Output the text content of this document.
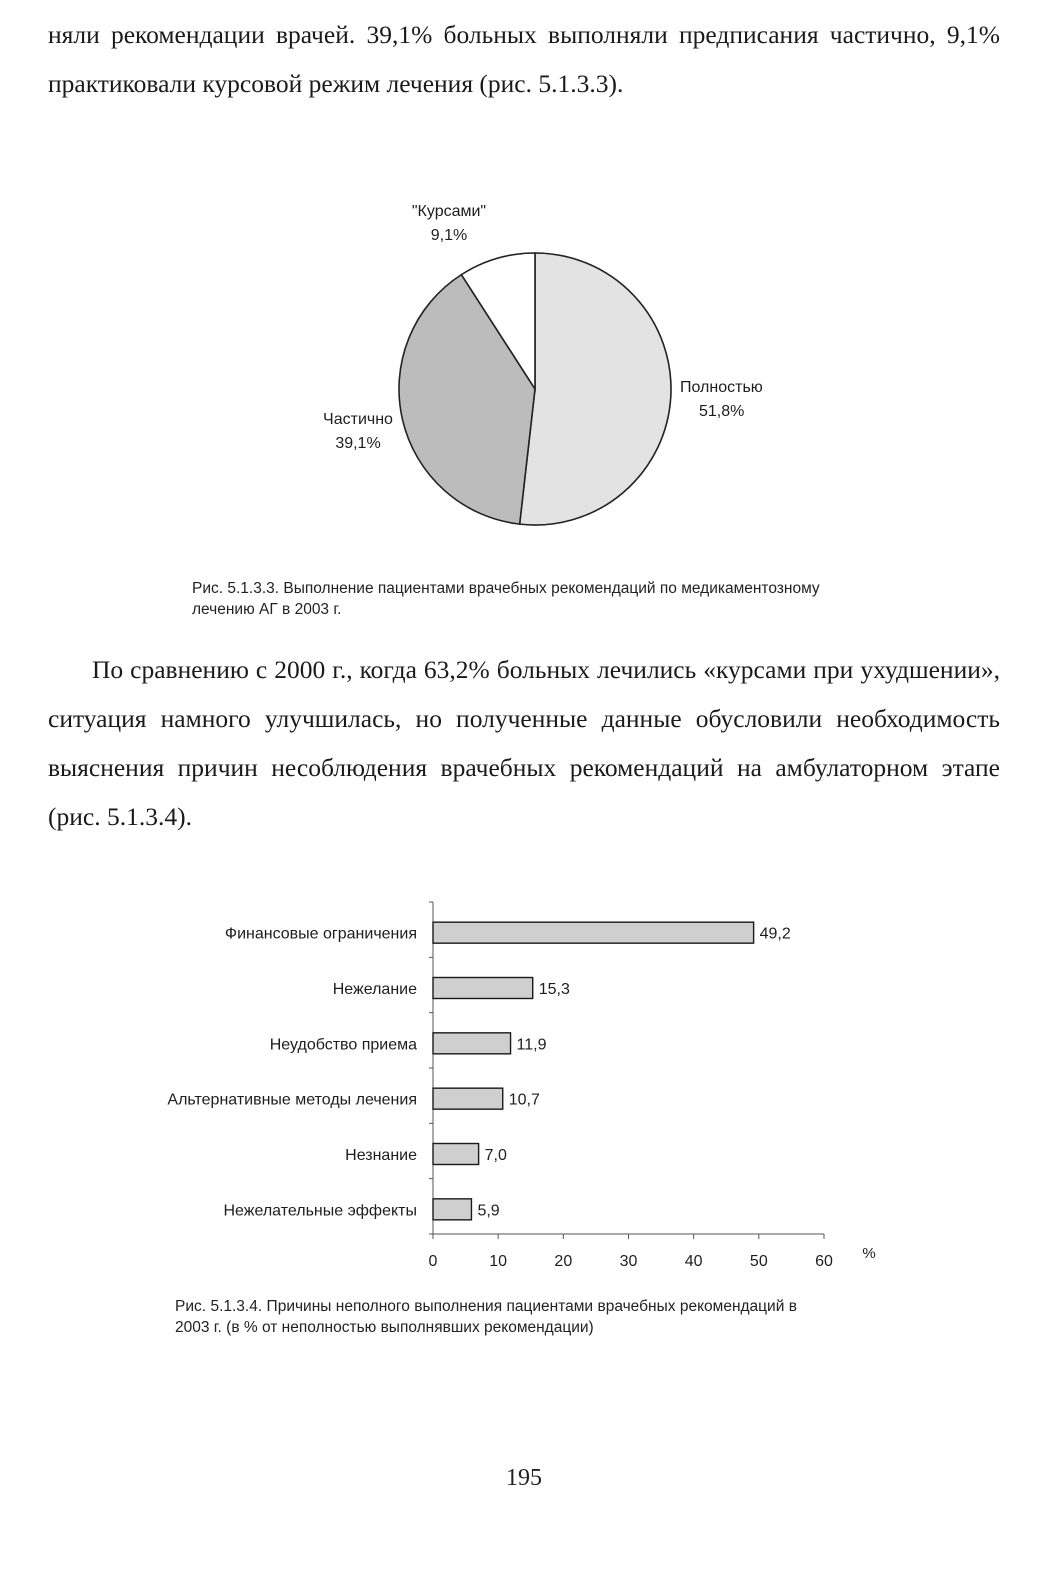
няли рекомендации врачей. 39,1% больных выполняли предписания частично, 9,1% практиковали курсовой режим лечения (рис. 5.1.3.3).

Полностью
51,8%
Частично
39,1%
"Курсами"
9,1%

Рис. 5.1.3.3. Выполнение пациентами врачебных рекомендаций по медикаментозному лечению АГ в 2003 г.

По сравнению с 2000 г., когда 63,2% больных лечились «курсами при ухудшении», ситуация намного улучшилась, но полученные данные обусловили необходимость выяснения причин несоблюдения врачебных рекомендаций на амбулаторном этапе (рис. 5.1.3.4).

Финансовые ограничения	49,2
Нежелание	15,3
Неудобство приема	11,9
Альтернативные методы лечения	10,7
Незнание	7,0
Нежелательные эффекты	5,9
0	10	20	30	40	50	60 %

Рис. 5.1.3.4. Причины неполного выполнения пациентами врачебных рекомендаций в 2003 г. (в % от неполностью выполнявших рекомендации)

195
